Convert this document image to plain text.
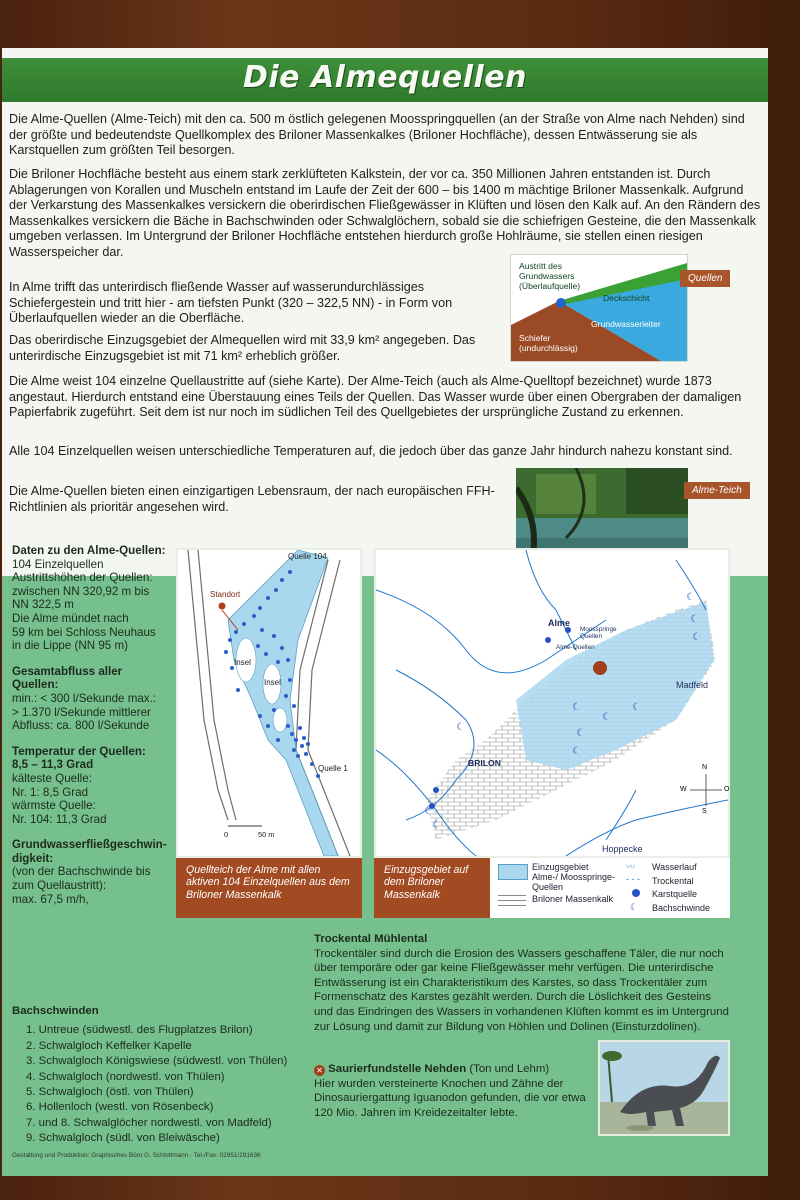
Die Almequellen

Die Alme-Quellen (Alme-Teich) mit den ca. 500 m östlich gelegenen Moosspringquellen (an der Straße von Alme nach Nehden) sind der größte und bedeutendste Quellkomplex des Briloner Massenkalkes (Briloner Hochfläche), dessen Entwässerung sie als Karstquellen zum größten Teil besorgen.

Die Briloner Hochfläche besteht aus einem stark zerklüfteten Kalkstein, der vor ca. 350 Millionen Jahren entstanden ist. Durch Ablagerungen von Korallen und Muscheln entstand im Laufe der Zeit der 600 – bis 1400 m mächtige Briloner Massenkalk. Aufgrund der Verkarstung des Massenkalkes versickern die oberirdischen Fließgewässer in Klüften und lösen den Kalk auf. An den Rändern des Massenkalkes versickern die Bäche in Bachschwinden oder Schwalglöchern, sobald sie die schiefrigen Gesteine, die den Massenkalk umgeben verlassen. Im Untergrund der Briloner Hochfläche entstehen hierdurch große Hohlräume, sie stellen einen riesigen Wasserspeicher dar.

In Alme trifft das unterirdisch fließende Wasser auf wasserundurchlässiges Schiefergestein und tritt hier - am tiefsten Punkt (320 – 322,5 NN) - in Form von Überlaufquellen wieder an die Oberfläche.

Das oberirdische Einzugsgebiet der Almequellen wird mit 33,9 km² angegeben. Das unterirdische Einzugsgebiet ist mit 71 km² erheblich größer.

Die Alme weist 104 einzelne Quellaustritte auf (siehe Karte). Der Alme-Teich (auch als Alme-Quelltopf bezeichnet) wurde 1873 angestaut. Hierdurch entstand eine Überstauung eines Teils der Quellen. Das Wasser wurde über einen Obergraben der damaligen Papierfabrik zugeführt. Seit dem ist nur noch im südlichen Teil des Quellgebietes der ursprüngliche Zustand zu erkennen.

Alle 104 Einzelquellen weisen unterschiedliche Temperaturen auf, die jedoch über das ganze Jahr hindurch nahezu konstant sind.

Die Alme-Quellen bieten einen einzigartigen Lebensraum, der nach europäischen FFH-Richtlinien als prioritär angesehen wird.

Austritt des Grundwassers (Überlaufquelle)
Deckschicht
Grundwasserleiter
Schiefer (undurchlässig)
Quellen
Alme-Teich
Daten zu den Alme-Quellen:
104 Einzelquellen
Austrittshöhen der Quellen:
zwischen NN 320,92 m bis
NN 322,5 m
Die Alme mündet nach
59 km bei Schloss Neuhaus
in die Lippe (NN 95 m)

Gesamtabfluss aller
Quellen:
min.: < 300 l/Sekunde max.:
> 1.370 l/Sekunde mittlerer
Abfluss: ca. 800 l/Sekunde

Temperatur der Quellen:
8,5 – 11,3 Grad
kälteste Quelle:
Nr. 1: 8,5 Grad
wärmste Quelle:
Nr. 104: 11,3 Grad

Grundwasserfließgeschwin-
digkeit:
(von der Bachschwinde bis
zum Quellaustritt):
max. 67,5 m/h,
Standort
Quelle 104
Quelle 1
Insel
Insel
0	50 m
Quellteich der Alme mit allen aktiven 104 Einzelquellen aus dem Briloner Massenkalk
☾
☾
☾
☾
☾
☾
☾
☾
☾
☾
☾
Alme
Moosspringe Quellen
Alme-Quellen
BRILON
Madfeld
Hoppecke
N
S
W	O
Einzugsgebiet auf dem Briloner Massenkalk
Einzugsgebiet Alme-/ Moosspringe-Quellen
Briloner Massenkalk
〰 Wasserlauf
- - - Trockental
Karstquelle
☾ Bachschwinde
Bachschwinden
1. Untreue (südwestl. des Flugplatzes Brilon)
2. Schwalgloch Keffelker Kapelle
3. Schwalgloch Königswiese (südwestl. von Thülen)
4. Schwalgloch (nordwestl. von Thülen)
5. Schwalgloch (östl. von Thülen)
6. Hollenloch (westl. von Rösenbeck)
7. und 8. Schwalglöcher nordwestl. von Madfeld)
9. Schwalgloch (südl. von Bleiwäsche)
Trockental Mühlental
Trockentäler sind durch die Erosion des Wassers geschaffene Täler, die nur noch über temporäre oder gar keine Fließgewässer mehr verfügen. Die unterirdische Entwässerung ist ein Charakteristikum des Karstes, so dass Trockentäler zum Formenschatz des Karstes gezählt werden. Durch die Löslichkeit des Gesteins und das Eindringen des Wassers in vorhandenen Klüften kommt es im Untergrund zur Lösung und damit zur Bildung von Höhlen und Dolinen (Einsturzdolinen).
✕ Saurierfundstelle Nehden (Ton und Lehm)
Hier wurden versteinerte Knochen und Zähne der Dinosauriergattung Iguanodon gefunden, die vor etwa 120 Mio. Jahren im Kreidezeitalter lebte.
Gestaltung und Produktion: Graphisches Büro G. Schlottmann · Tel./Fax: 02951/291636
